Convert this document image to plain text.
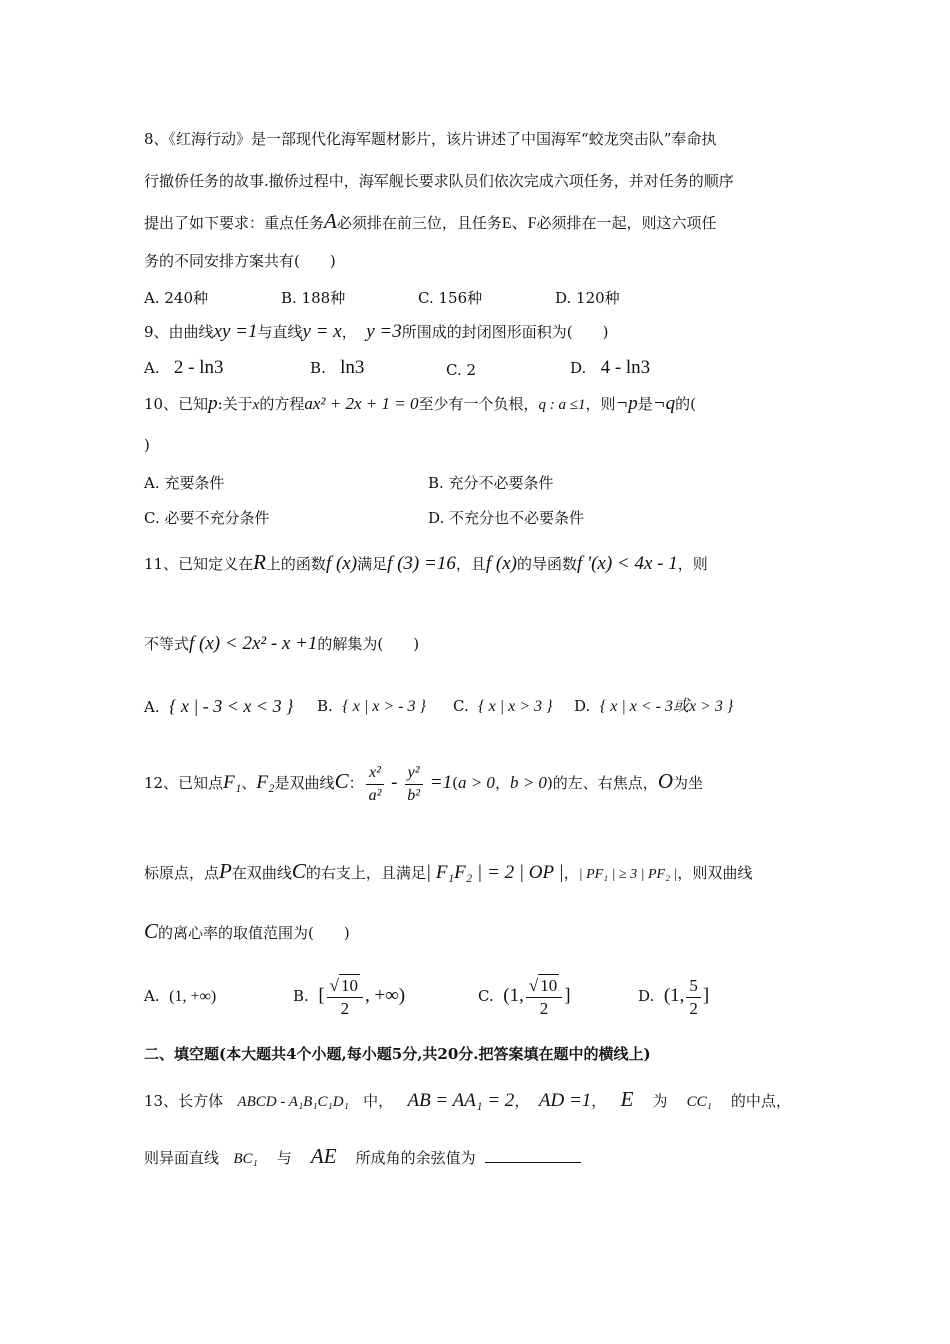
8、《红海行动》是一部现代化海军题材影片，该片讲述了中国海军“蛟龙突击队”奉命执
行撤侨任务的故事.撤侨过程中，海军舰长要求队员们依次完成六项任务，并对任务的顺序
提出了如下要求：重点任务A必须排在前三位，且任务E、F必须排在一起，则这六项任
务的不同安排方案共有(　　)
A. 240种	B. 188种	C. 156种	D. 120种
9、由曲线xy =1与直线y = x， y =3所围成的封闭图形面积为(　　)
A. 2 - ln3	B. ln3	C. 2	D. 4 - ln3
10、已知p:关于x的方程ax² + 2x + 1 = 0至少有一个负根，q : a ≤1，则¬p是¬q的(
)
A. 充要条件	B. 充分不必要条件
C. 必要不充分条件	D. 不充分也不必要条件
11、已知定义在R上的函数f (x)满足f (3) =16，且f (x)的导函数f '(x) < 4x - 1，则
不等式f (x) < 2x² - x +1的解集为(　　)
A. { x | - 3 < x < 3 } B. { x | x > - 3 } C. { x | x > 3 } D. { x | x < - 3或x > 3 }
12、已知点F₁、F₂是双曲线C： $\frac{\text{x²}}{\text{a²}} - \frac{\text{y²}}{\text{b²}} =1(a > 0$，b > 0)的左、右焦点，O为坐
标原点，点P在双曲线C的右支上，且满足| F₁F₂ | = 2 | OP |，| PF₁ | ≥ 3 | PF₂ |，则双曲线
C的离心率的取值范围为(　　)
A. (1, +∞)	B. [ $\frac{√ 10}{2}$ , +∞)	C. (1, $\frac{√ 10}{2}$ ]	D. (1, $\frac{5}{2}$ ]
二、填空题(本大题共4个小题,每小题5分,共20分.把答案填在题中的横线上)
13、长方体 ABCD - A₁B₁C₁D₁ 中， AB = AA₁ = 2， AD =1， E 为 CC₁ 的中点，
则异面直线 BC₁ 与 AE 所成角的余弦值为
